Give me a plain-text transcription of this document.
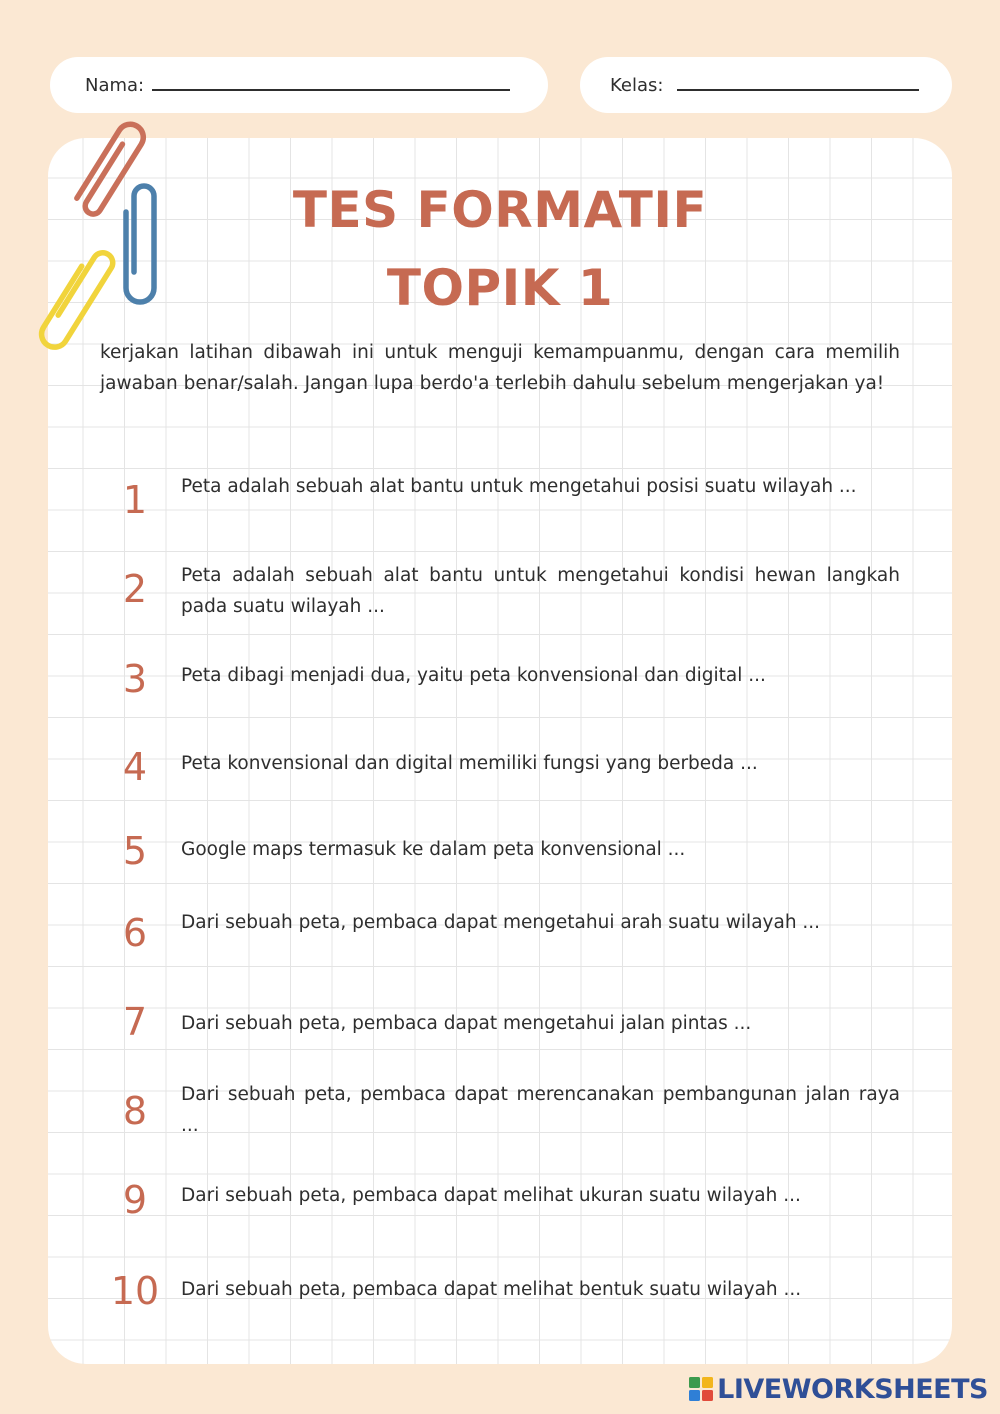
Nama:	Kelas:
TES FORMATIF
TOPIK 1
kerjakan latihan dibawah ini untuk menguji kemampuanmu, dengan cara memilih jawaban benar/salah. Jangan lupa berdo'a terlebih dahulu sebelum mengerjakan ya!
1	Peta adalah sebuah alat bantu untuk mengetahui posisi suatu wilayah ...
2	Peta adalah sebuah alat bantu untuk mengetahui kondisi hewan langkah pada suatu wilayah ...
3	Peta dibagi menjadi dua, yaitu peta konvensional dan digital ...
4	Peta konvensional dan digital memiliki fungsi yang berbeda ...
5	Google maps termasuk ke dalam peta konvensional ...
6	Dari sebuah peta, pembaca dapat mengetahui arah suatu wilayah ...
7	Dari sebuah peta, pembaca dapat mengetahui jalan pintas ...
8	Dari sebuah peta, pembaca dapat merencanakan pembangunan jalan raya ...
9	Dari sebuah peta, pembaca dapat melihat ukuran suatu wilayah ...
10	Dari sebuah peta, pembaca dapat melihat bentuk suatu wilayah ...
LIVEWORKSHEETS
